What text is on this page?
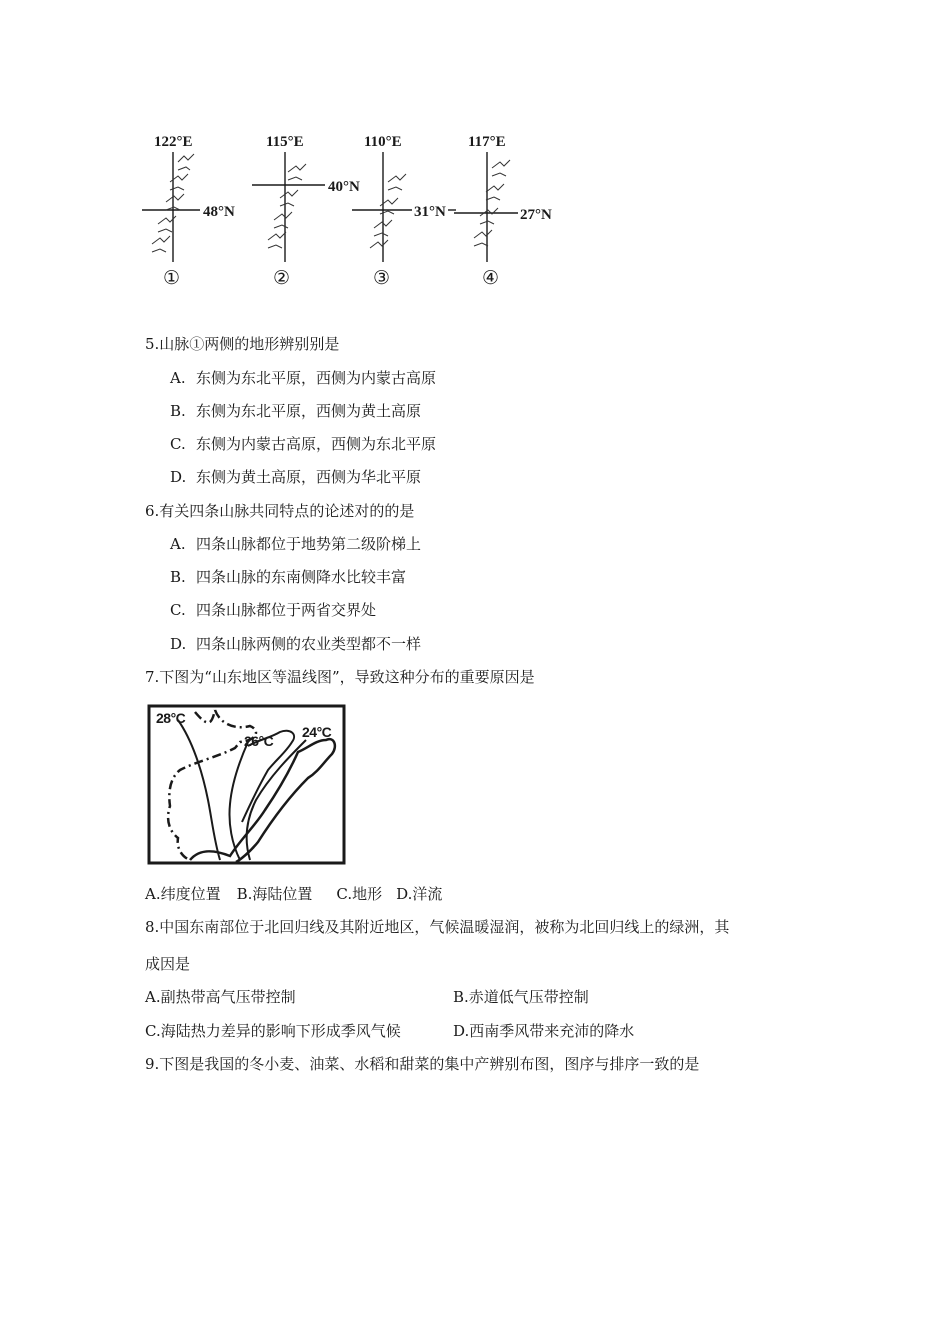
122°E
48°N
①
115°E
40°N
②
110°E
31°N
③
117°E
27°N
④
5.山脉①两侧的地形辨别别是
A. 东侧为东北平原，西侧为内蒙古高原
B. 东侧为东北平原，西侧为黄土高原
C. 东侧为内蒙古高原，西侧为东北平原
D. 东侧为黄土高原，西侧为华北平原
6.有关四条山脉共同特点的论述对的的是
A. 四条山脉都位于地势第二级阶梯上
B. 四条山脉的东南侧降水比较丰富
C. 四条山脉都位于两省交界处
D. 四条山脉两侧的农业类型都不一样
7.下图为“山东地区等温线图”，导致这种分布的重要原因是
28°C
26°C
24°C
A.纬度位置 B.海陆位置 C.地形 D.洋流
8.中国东南部位于北回归线及其附近地区，气候温暖湿润，被称为北回归线上的绿洲，其
成因是
A.副热带高气压带控制	B.赤道低气压带控制
C.海陆热力差异的影响下形成季风气候	D.西南季风带来充沛的降水
9.下图是我国的冬小麦、油菜、水稻和甜菜的集中产辨别布图，图序与排序一致的是
